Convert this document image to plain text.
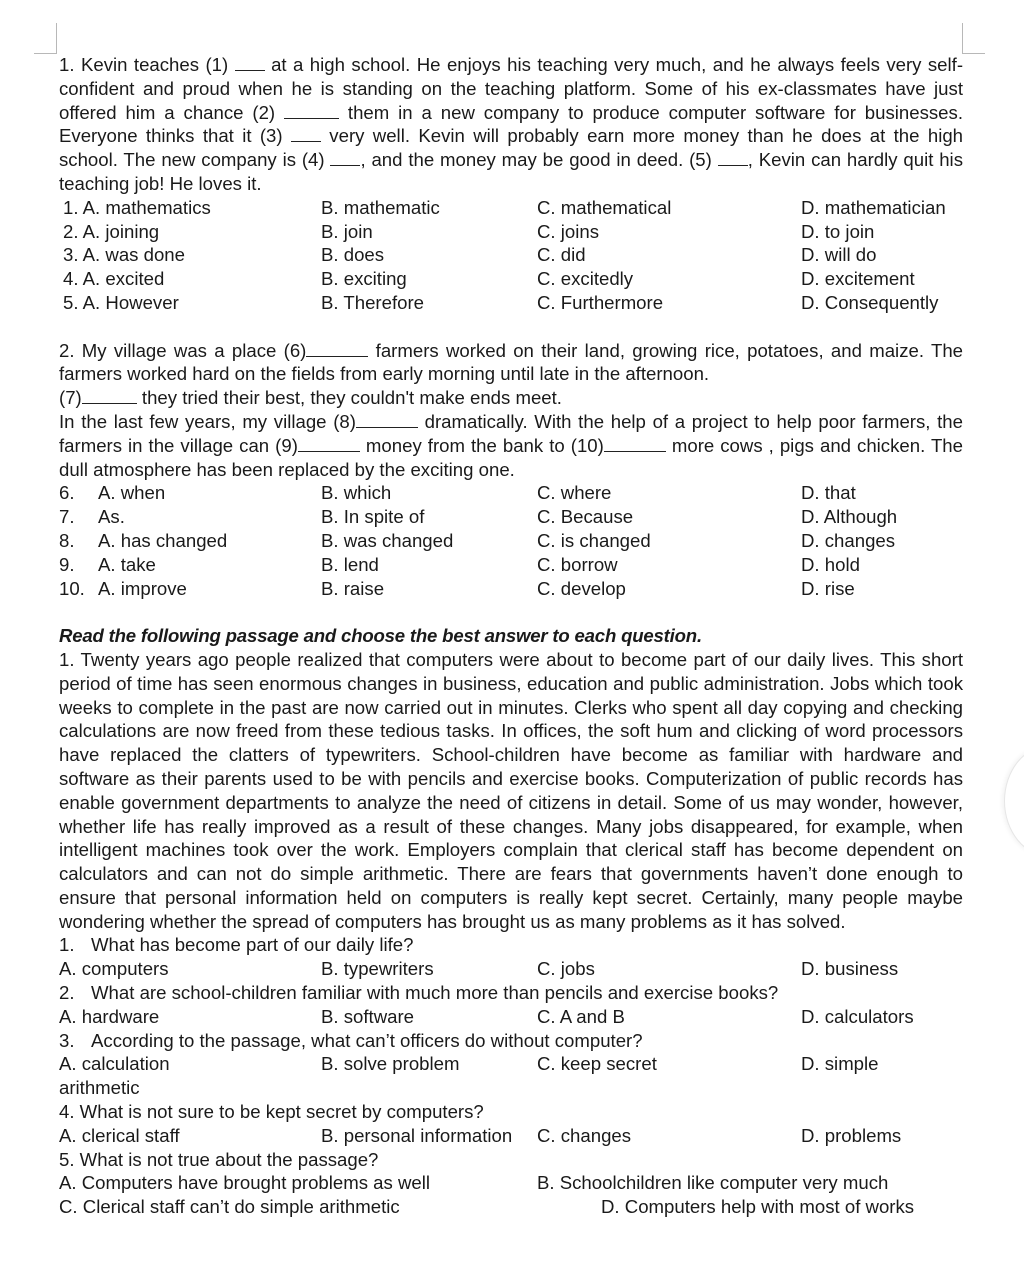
1. Kevin teaches (1)  at a high school. He enjoys his teaching very much, and he always feels very self-confident and proud when he is standing on the teaching platform. Some of his ex-classmates have just offered him a chance (2)	them in a new company to produce computer software for businesses. Everyone thinks that it (3)  very well. Kevin will probably earn more money than he does at the high school. The new company is (4) , and the money may be good in deed. (5) , Kevin can hardly quit his teaching job! He loves it.

1. A. mathematics	B. mathematic	C. mathematical	D. mathematician
2. A. joining	B. join	C. joins	D. to join
3. A. was done	B. does	C. did	D. will do
4. A. excited	B. exciting	C. excitedly	D. excitement
5. A. However	B. Therefore	C. Furthermore	D. Consequently

2. My village was a place (6)	farmers worked on their land, growing rice, potatoes, and maize. The farmers worked hard on the fields from early morning until late in the afternoon.

(7)	they tried their best, they couldn't make ends meet.

In the last few years, my village (8)	dramatically. With the help of a project to help poor farmers, the farmers in the village can (9)	money from the bank to (10)	more cows , pigs and chicken. The dull atmosphere has been replaced by the exciting one.

6. A. when	B. which	C. where	D. that
7. As.	B. In spite of	C. Because	D. Although
8. A. has changed	B. was changed	C. is changed	D. changes
9. A. take	B. lend	C. borrow	D. hold
10. A. improve	B. raise	C. develop	D. rise

Read the following passage and choose the best answer to each question.

1. Twenty years ago people realized that computers were about to become part of our daily lives. This short period of time has seen enormous changes in business, education and public administration. Jobs which took weeks to complete in the past are now carried out in minutes. Clerks who spent all day copying and checking calculations are now freed from these tedious tasks. In offices, the soft hum and clicking of word processors have replaced the clatters of typewriters. School-children have become as familiar with hardware and software as their parents used to be with pencils and exercise books. Computerization of public records has enable government departments to analyze the need of citizens in detail. Some of us may wonder, however, whether life has really improved as a result of these changes. Many jobs disappeared, for example, when intelligent machines took over the work. Employers complain that clerical staff has become dependent on calculators and can not do simple arithmetic. There are fears that governments haven’t done enough to ensure that personal information held on computers is really kept secret. Certainly, many people maybe wondering whether the spread of computers has brought us as many problems as it has solved.

1. What has become part of our daily life?

A. computers	B. typewriters	C. jobs	D. business

2. What are school-children familiar with much more than pencils and exercise books?

A. hardware	B. software	C. A and B	D. calculators

3. According to the passage, what can’t officers do without computer?

A. calculation	B. solve problem	C. keep secret	D. simple

arithmetic

4. What is not sure to be kept secret by computers?

A. clerical staff	B. personal information	C. changes	D. problems

5. What is not true about the passage?

A. Computers have brought problems as well	B. Schoolchildren like computer very much
C. Clerical staff can’t do simple arithmetic	D. Computers help with most of works
